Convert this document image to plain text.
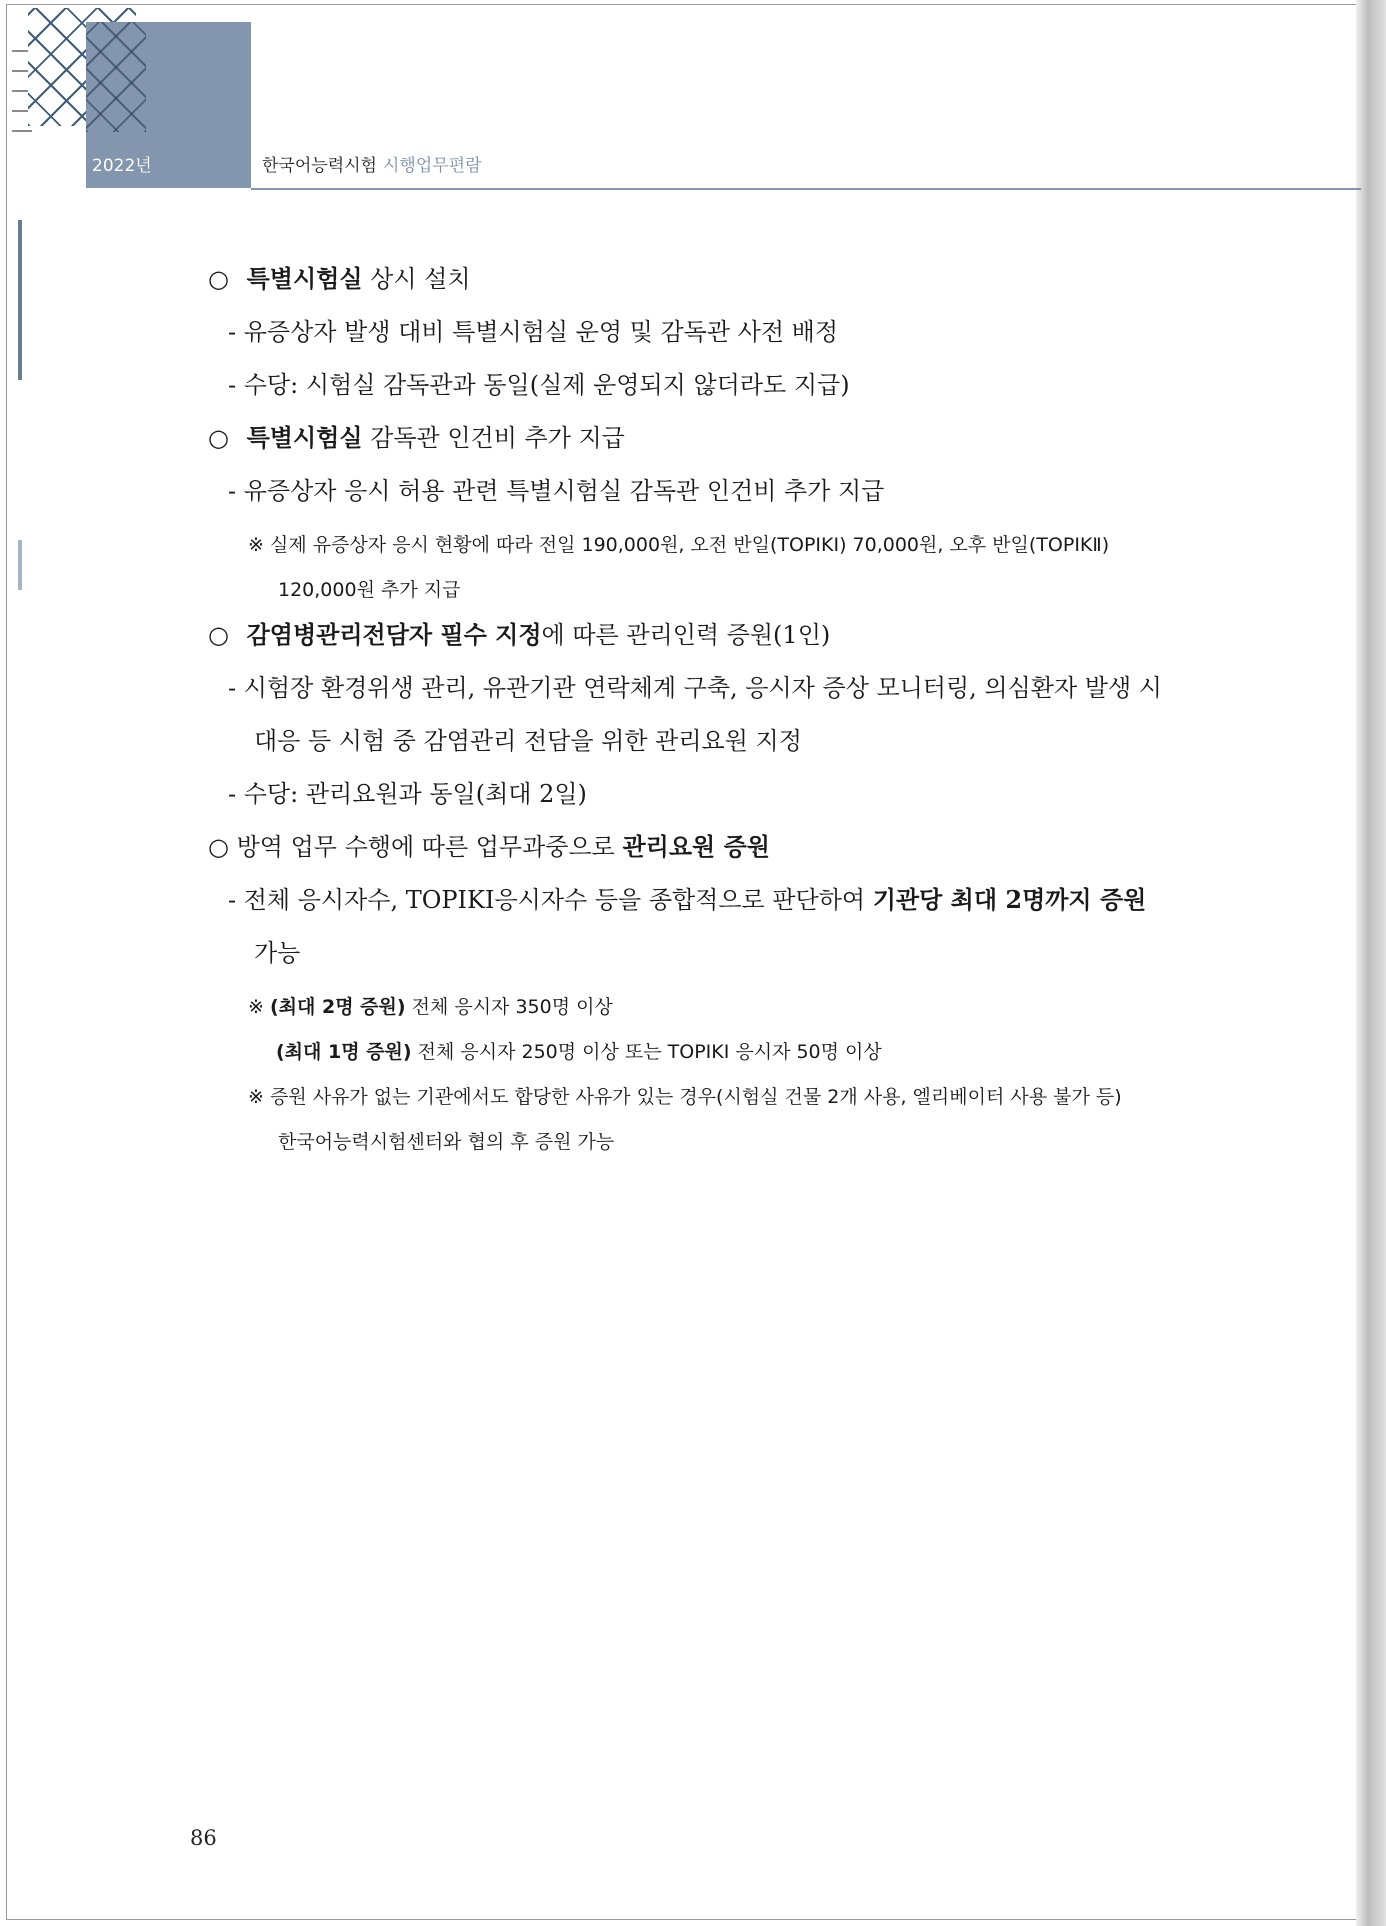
2022년	한국어능력시험 시행업무편람
○ 특별시험실 상시 설치
- 유증상자 발생 대비 특별시험실 운영 및 감독관 사전 배정
- 수당: 시험실 감독관과 동일(실제 운영되지 않더라도 지급)
○ 특별시험실 감독관 인건비 추가 지급
- 유증상자 응시 허용 관련 특별시험실 감독관 인건비 추가 지급
※ 실제 유증상자 응시 현황에 따라 전일 190,000원, 오전 반일(TOPIKⅠ) 70,000원, 오후 반일(TOPIKⅡ)
120,000원 추가 지급
○ 감염병관리전담자 필수 지정에 따른 관리인력 증원(1인)
- 시험장 환경위생 관리, 유관기관 연락체계 구축, 응시자 증상 모니터링, 의심환자 발생 시
대응 등 시험 중 감염관리 전담을 위한 관리요원 지정
- 수당: 관리요원과 동일(최대 2일)
○ 방역 업무 수행에 따른 업무과중으로 관리요원 증원
- 전체 응시자수, TOPIKⅠ응시자수 등을 종합적으로 판단하여 기관당 최대 2명까지 증원
가능
※ (최대 2명 증원) 전체 응시자 350명 이상
(최대 1명 증원) 전체 응시자 250명 이상 또는 TOPIKⅠ 응시자 50명 이상
※ 증원 사유가 없는 기관에서도 합당한 사유가 있는 경우(시험실 건물 2개 사용, 엘리베이터 사용 불가 등)
한국어능력시험센터와 협의 후 증원 가능
86
